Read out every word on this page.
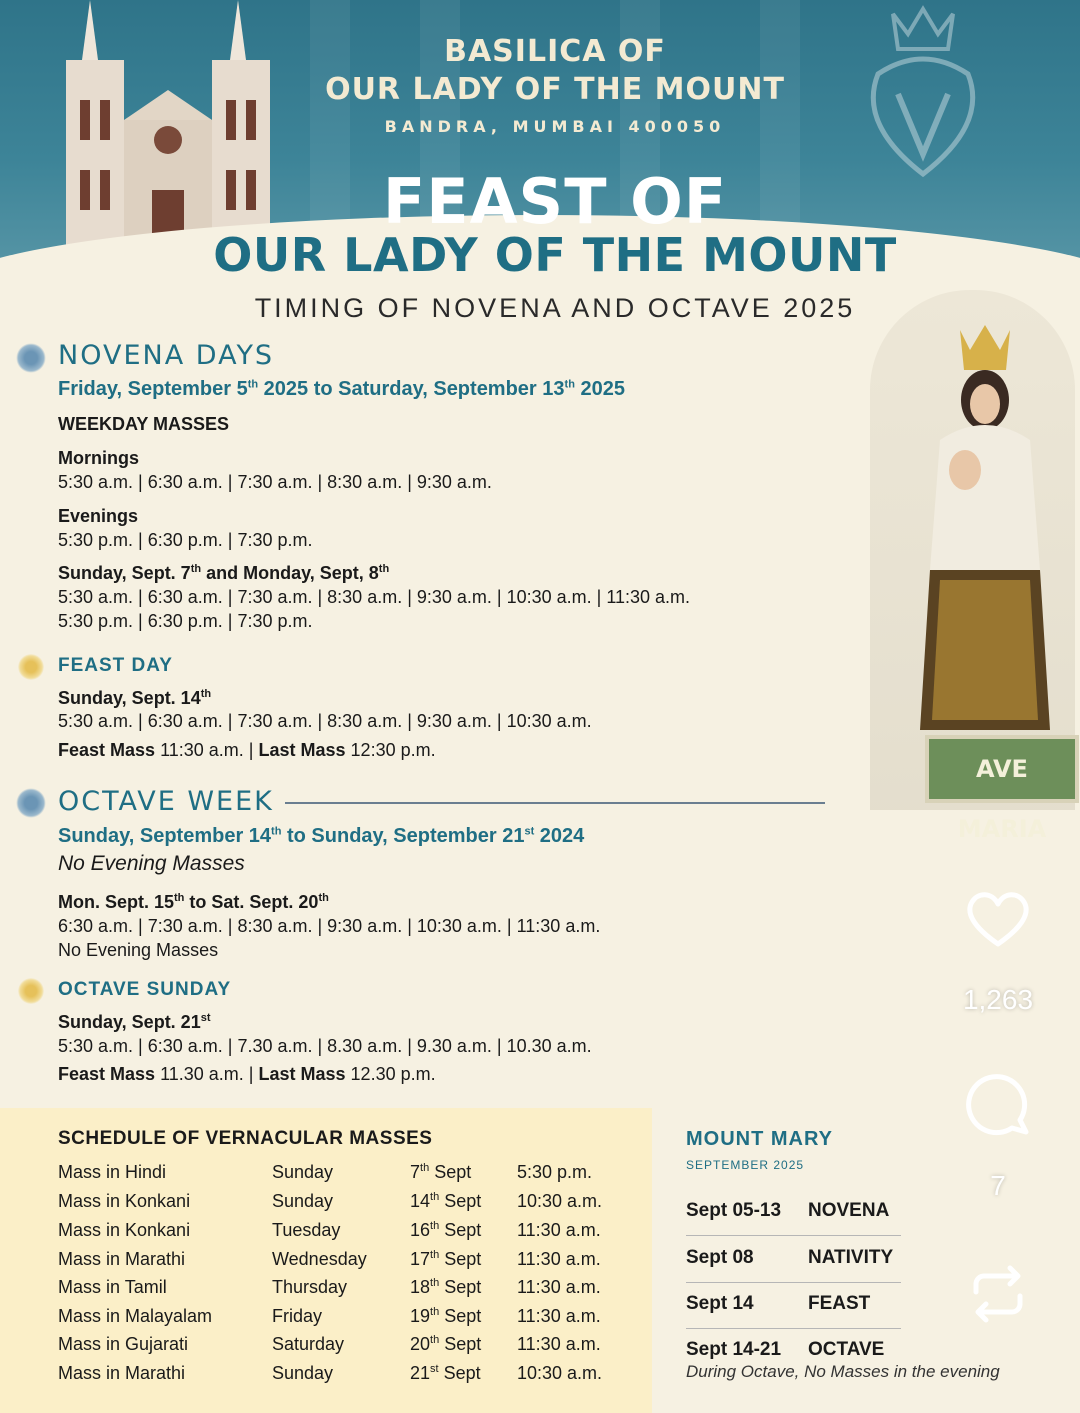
BASILICA OF
OUR LADY OF THE MOUNT
BANDRA, MUMBAI 400050
FEAST OF
OUR LADY OF THE MOUNT
TIMING OF NOVENA AND OCTAVE 2025
AVE MARIA
NOVENA DAYS
Friday, September 5th 2025 to Saturday, September 13th 2025
WEEKDAY MASSES
Mornings
5:30 a.m. | 6:30 a.m. | 7:30 a.m. | 8:30 a.m. | 9:30 a.m.
Evenings
5:30 p.m. | 6:30 p.m. | 7:30 p.m.
Sunday, Sept. 7th and Monday, Sept, 8th
5:30 a.m. | 6:30 a.m. | 7:30 a.m. | 8:30 a.m. | 9:30 a.m. | 10:30 a.m. | 11:30 a.m.
5:30 p.m. | 6:30 p.m. | 7:30 p.m.
FEAST DAY
Sunday, Sept. 14th
5:30 a.m. | 6:30 a.m. | 7:30 a.m. | 8:30 a.m. | 9:30 a.m. | 10:30 a.m.
Feast Mass 11:30 a.m. | Last Mass 12:30 p.m.
OCTAVE WEEK
Sunday, September 14th to Sunday, September 21st 2024
No Evening Masses
Mon. Sept. 15th to Sat. Sept. 20th
6:30 a.m. | 7:30 a.m. | 8:30 a.m. | 9:30 a.m. | 10:30 a.m. | 11:30 a.m.
No Evening Masses
OCTAVE SUNDAY
Sunday, Sept. 21st
5:30 a.m. | 6:30 a.m. | 7.30 a.m. | 8.30 a.m. | 9.30 a.m. | 10.30 a.m.
Feast Mass 11.30 a.m. | Last Mass 12.30 p.m.
SCHEDULE OF VERNACULAR MASSES
Mass in Hindi	Sunday	7th Sept	5:30 p.m.
Mass in Konkani	Sunday	14th Sept 10:30 a.m.
Mass in Konkani	Tuesday	16th Sept 11:30 a.m.
Mass in Marathi	Wednesday 17th Sept 11:30 a.m.
Mass in Tamil	Thursday	18th Sept 11:30 a.m.
Mass in Malayalam	Friday	19th Sept 11:30 a.m.
Mass in Gujarati	Saturday	20th Sept 11:30 a.m.
Mass in Marathi	Sunday	21st Sept 10:30 a.m.
MOUNT MARY
SEPTEMBER 2025
Sept 05-13 NOVENA
Sept 08	NATIVITY
Sept 14	FEAST
Sept 14-21 OCTAVE
During Octave, No Masses in the evening
1,263
7
